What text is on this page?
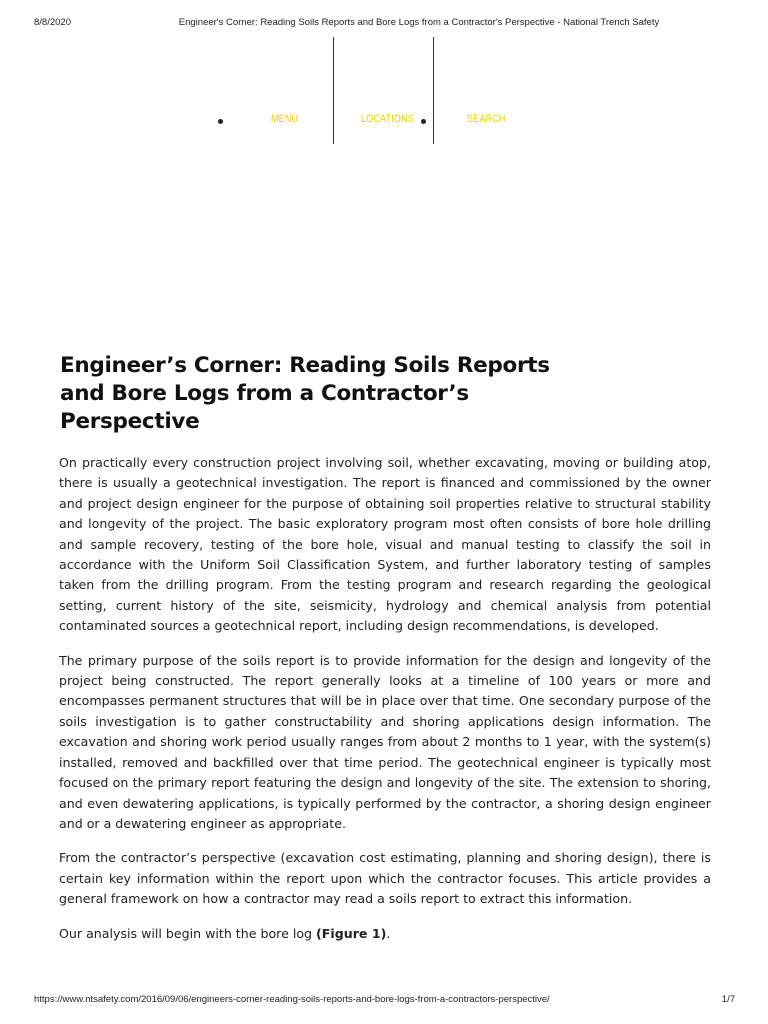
8/8/2020	Engineer's Corner: Reading Soils Reports and Bore Logs from a Contractor's Perspective - National Trench Safety
MENU	LOCATIONS	SEARCH
Engineer’s Corner: Reading Soils Reports and Bore Logs from a Contractor’s Perspective

On practically every construction project involving soil, whether excavating, moving or building atop, there is usually a geotechnical investigation. The report is financed and commissioned by the owner and project design engineer for the purpose of obtaining soil properties relative to structural stability and longevity of the project. The basic exploratory program most often consists of bore hole drilling and sample recovery, testing of the bore hole, visual and manual testing to classify the soil in accordance with the Uniform Soil Classification System, and further laboratory testing of samples taken from the drilling program. From the testing program and research regarding the geological setting, current history of the site, seismicity, hydrology and chemical analysis from potential contaminated sources a geotechnical report, including design recommendations, is developed.

The primary purpose of the soils report is to provide information for the design and longevity of the project being constructed. The report generally looks at a timeline of 100 years or more and encompasses permanent structures that will be in place over that time. One secondary purpose of the soils investigation is to gather constructability and shoring applications design information. The excavation and shoring work period usually ranges from about 2 months to 1 year, with the system(s) installed, removed and backfilled over that time period. The geotechnical engineer is typically most focused on the primary report featuring the design and longevity of the site. The extension to shoring, and even dewatering applications, is typically performed by the contractor, a shoring design engineer and or a dewatering engineer as appropriate.

From the contractor’s perspective (excavation cost estimating, planning and shoring design), there is certain key information within the report upon which the contractor focuses. This article provides a general framework on how a contractor may read a soils report to extract this information.

Our analysis will begin with the bore log (Figure 1).

https://www.ntsafety.com/2016/09/06/engineers-corner-reading-soils-reports-and-bore-logs-from-a-contractors-perspective/	1/7
